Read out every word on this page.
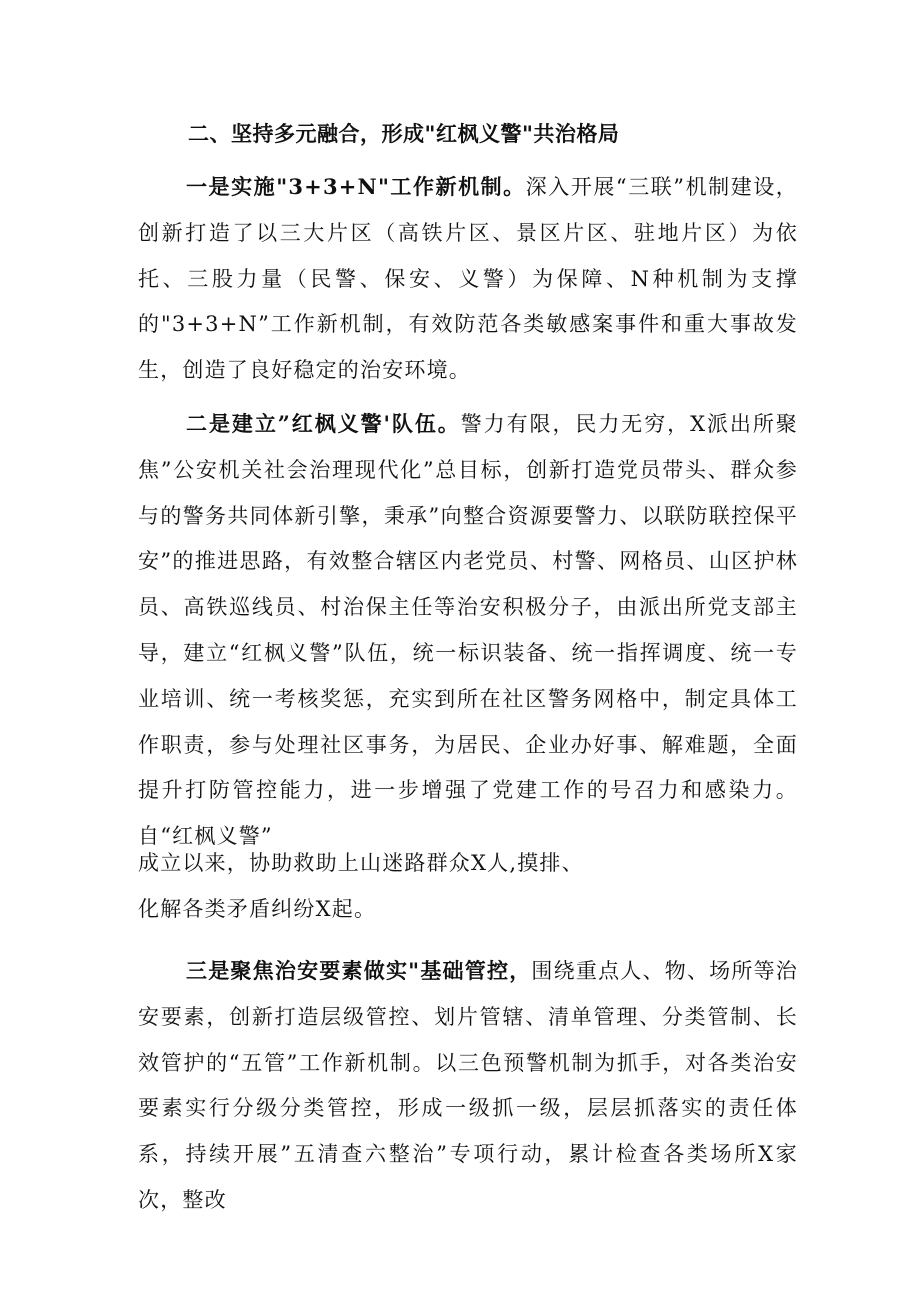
二、坚持多元融合，形成"红枫义警"共治格局

一是实施"3+3+N"工作新机制。深入开展“三联”机制建设，创新打造了以三大片区（高铁片区、景区片区、驻地片区）为依托、三股力量（民警、保安、义警）为保障、N种机制为支撑的"3+3+N”工作新机制，有效防范各类敏感案事件和重大事故发生，创造了良好稳定的治安环境。

二是建立”红枫义警'队伍。警力有限，民力无穷，X派出所聚焦”公安机关社会治理现代化”总目标，创新打造党员带头、群众参与的警务共同体新引擎，秉承”向整合资源要警力、以联防联控保平安”的推进思路，有效整合辖区内老党员、村警、网格员、山区护林员、高铁巡线员、村治保主任等治安积极分子，由派出所党支部主导，建立“红枫义警”队伍，统一标识装备、统一指挥调度、统一专业培训、统一考核奖惩，充实到所在社区警务网格中，制定具体工作职责，参与处理社区事务，为居民、企业办好事、解难题，全面提升打防管控能力，进一步增强了党建工作的号召力和感染力。自“红枫义警”

成立以来，协助救助上山迷路群众X人,摸排、
化解各类矛盾纠纷X起。

三是聚焦治安要素做实"基础管控，围绕重点人、物、场所等治安要素，创新打造层级管控、划片管辖、清单管理、分类管制、长效管护的“五管”工作新机制。以三色预警机制为抓手，对各类治安要素实行分级分类管控，形成一级抓一级，层层抓落实的责任体系，持续开展”五清查六整治”专项行动，累计检查各类场所X家次，整改
